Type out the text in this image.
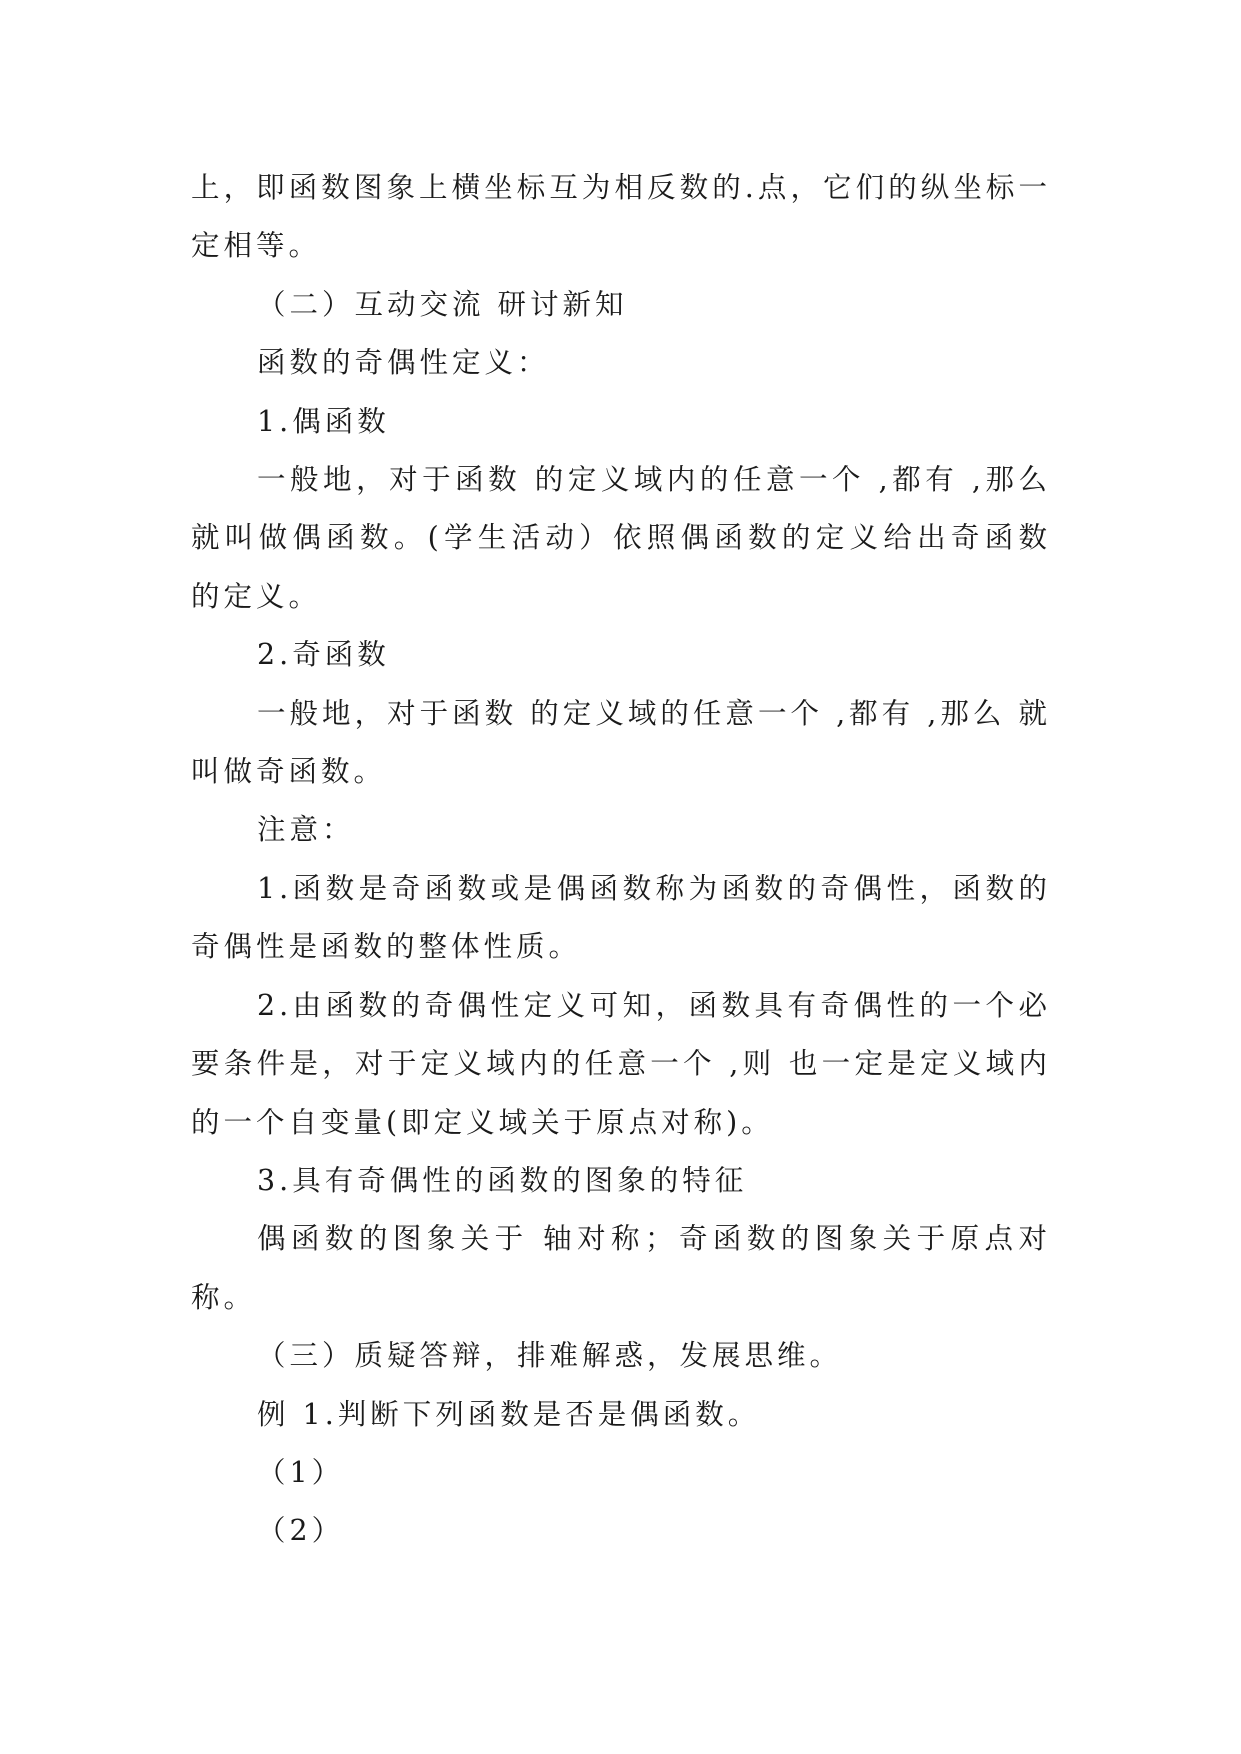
上，即函数图象上横坐标互为相反数的.点，它们的纵坐标一定相等。

（二）互动交流 研讨新知

函数的奇偶性定义：

1.偶函数

一般地，对于函数 的定义域内的任意一个 ,都有 ,那么 就叫做偶函数。(学生活动）依照偶函数的定义给出奇函数的定义。

2.奇函数

一般地，对于函数 的定义域的任意一个 ,都有 ,那么 就叫做奇函数。

注意：

1.函数是奇函数或是偶函数称为函数的奇偶性，函数的奇偶性是函数的整体性质。

2.由函数的奇偶性定义可知，函数具有奇偶性的一个必要条件是，对于定义域内的任意一个 ,则 也一定是定义域内的一个自变量(即定义域关于原点对称)。

3.具有奇偶性的函数的图象的特征

偶函数的图象关于 轴对称；奇函数的图象关于原点对称。

（三）质疑答辩，排难解惑，发展思维。

例 1.判断下列函数是否是偶函数。

（1）

（2）
